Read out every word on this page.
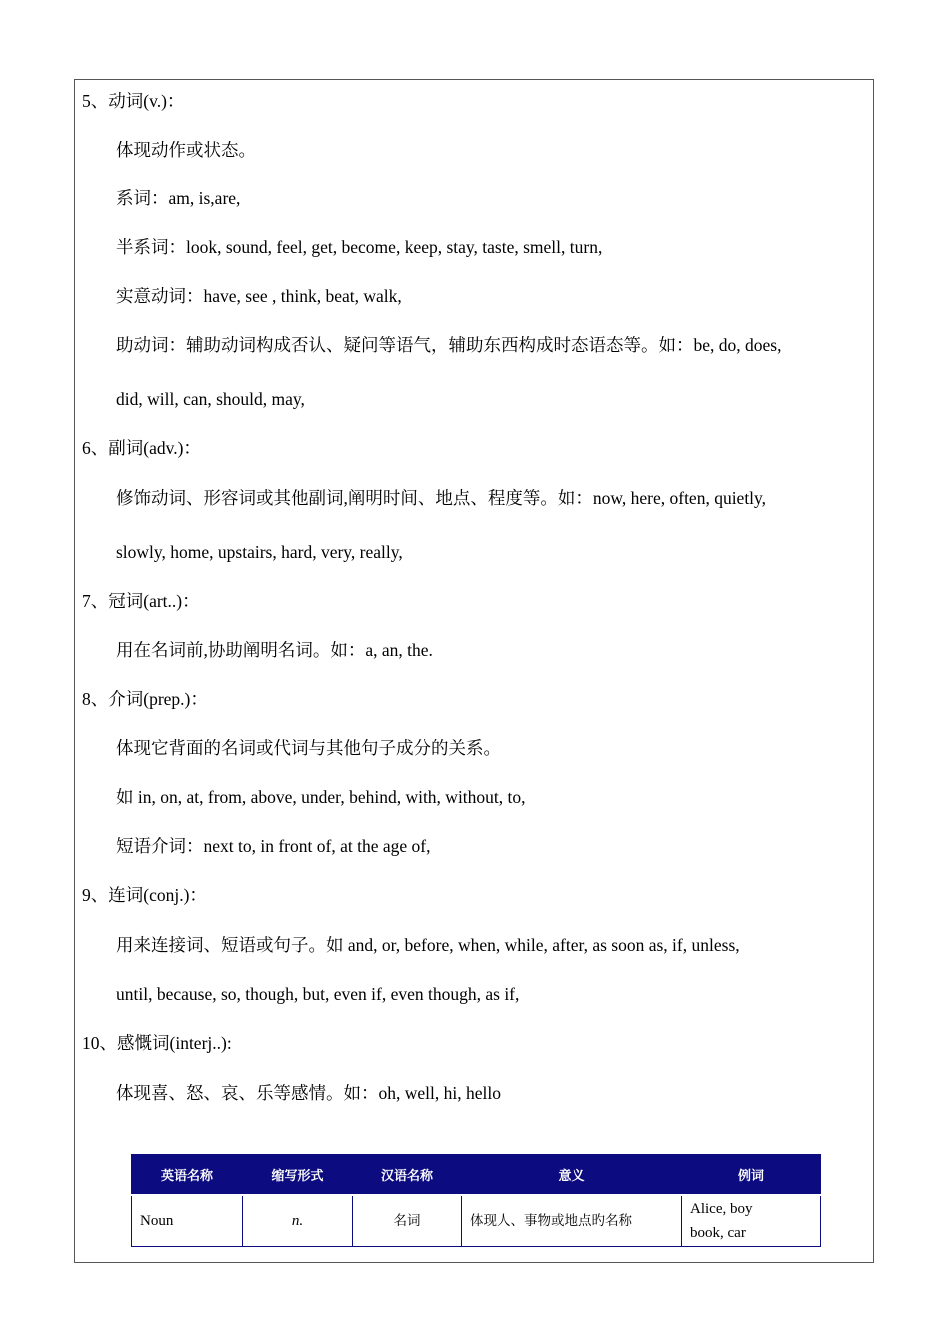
5、动词(v.)：
体现动作或状态。
系词：am, is,are,
半系词：look, sound, feel, get, become, keep, stay, taste, smell, turn,
实意动词：have, see , think, beat, walk,
助动词：辅助动词构成否认、疑问等语气，辅助东西构成时态语态等。如：be, do, does,
did, will, can, should, may,
6、副词(adv.)：
修饰动词、形容词或其他副词,阐明时间、地点、程度等。如：now, here, often, quietly,
slowly, home, upstairs, hard, very, really,
7、冠词(art..)：
用在名词前,协助阐明名词。如：a, an, the.
8、介词(prep.)：
体现它背面的名词或代词与其他句子成分的关系。
如 in, on, at, from, above, under, behind, with, without, to,
短语介词：next to, in front of, at the age of,
9、连词(conj.)：
用来连接词、短语或句子。如 and, or, before, when, while, after, as soon as, if, unless,
until, because, so, though, but, even if, even though, as if,
10、感慨词(interj..):
体现喜、怒、哀、乐等感情。如：oh, well, hi, hello
英语名称	缩写形式	汉语名称	意义	例词
Noun	n.	名词	体现人、事物或地点旳名称	Alice, boy
book, car
